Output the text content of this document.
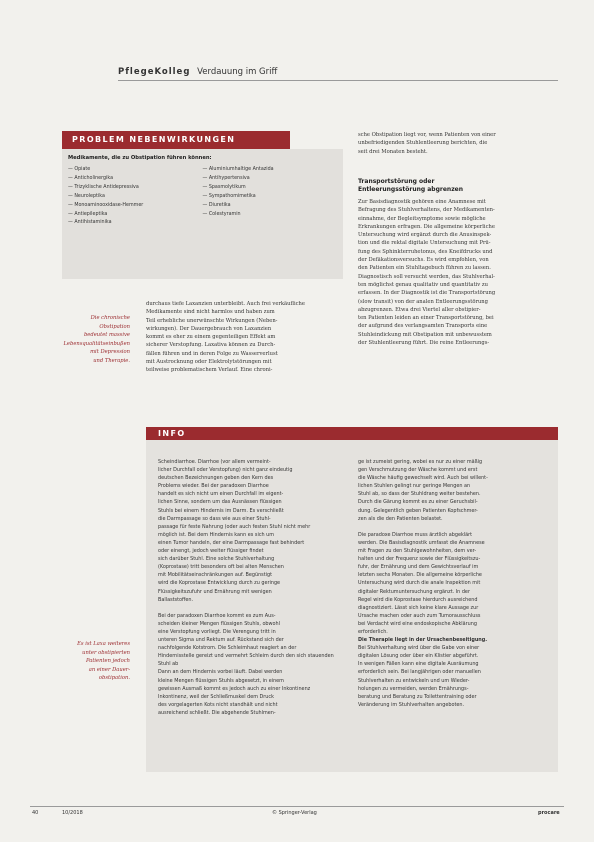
PflegeKolleg Verdauung im Griff
PROBLEM NEBENWIRKUNGEN
Medikamente, die zu Obstipation führen können:
— Opiate
— Anticholinergika
— Trizyklische Antidepressiva
— Neuroleptika
— Monoaminooxidase-Hemmer
— Antiepileptika
— Antihistaminika
— Aluminiumhaltige Antazida
— Antihypertensiva
— Spasmolytikum
— Sympathomimetika
— Diuretika
— Colestyramin
Die chronische
Obstipation
bedeutet massive
Lebensqualitätseinbußen
mit Depression
und Therapie.
durchaus tiefe Laxanzien unterbleibt. Auch frei verkäufliche
Medikamente sind nicht harmlos und haben zum
Teil erhebliche unerwünschte Wirkungen (Neben-
wirkungen). Der Dauergebrauch von Laxanzien
kommt es eher zu einem gegenteiligen Effekt am
sicherer Verstopfung. Laxativa können zu Durch-
fällen führen und in deren Folge zu Wasserverlust
mit Austrocknung oder Elektrolytstörungen mit
teilweise problematischem Verlauf. Eine chroni-
sche Obstipation liegt vor, wenn Patienten von einer
unbefriedigenden Stuhlentleerung berichten, die
seit drei Monaten besteht.
Transportstörung oder
Entleerungsstörung abgrenzen
Zur Basisdiagnostik gehören eine Anamnese mit
Befragung des Stuhlverhaltens, der Medikamenten-
einnahme, der Begleitsymptome sowie mögliche
Erkrankungen erfragen. Die allgemeine körperliche
Untersuchung wird ergänzt durch die Anusinspek-
tion und die rektal digitale Untersuchung mit Prü-
fung des Sphinkterruhetonus, des Kneifdrucks und
der Defäkationsversuchs. Es wird empfohlen, von
den Patienten ein Stuhltagebuch führen zu lassen.
Diagnostisch soll versucht werden, das Stuhlverhal-
ten möglichst genau qualitativ und quantitativ zu
erfassen. In der Diagnostik ist die Transportstörung
(slow transit) von der analen Entleerungsstörung
abzugrenzen. Etwa drei Viertel aller obstipier-
ten Patienten leiden an einer Transportstörung, bei
der aufgrund des verlangsamten Transports eine
Stuhleindickung mit Obstipation mit unbewusstem
der Stuhlentleerung führt. Die reine Entleerungs-
INFO
Scheindiarrhoe. Diarrhoe (vor allem vermeint-
licher Durchfall oder Verstopfung) nicht ganz eindeutig
deutschen Bezeichnungen geben den Kern des
Problems wieder. Bei der paradoxen Diarrhoe
handelt es sich nicht um einen Durchfall im eigent-
lichen Sinne, sondern um das Ausnässen flüssigen
Stuhls bei einem Hindernis im Darm. Es verschließt
die Darmpassage so dass wie aus einer Stuhl-
passage für feste Nahrung (oder auch festen Stuhl nicht mehr
möglich ist. Bei dem Hindernis kann es sich um
einen Tumor handeln, der eine Darmpassage fast behindert
oder einengt, jedoch weiter flüssiger findet
sich darüber Stuhl. Eine solche Stuhlverhaltung
(Koprostase) tritt besonders oft bei alten Menschen
mit Mobilitätseinschränkungen auf. Begünstigt
wird die Koprostase Entwicklung durch zu geringe
Flüssigkeitszufuhr und Ernährung mit wenigen
Ballaststoffen.

Bei der paradoxen Diarrhoe kommt es zum Aus-
scheiden kleiner Mengen flüssigen Stuhls, obwohl
eine Verstopfung vorliegt. Die Verengung tritt in
unteren Sigma und Rektum auf. Rückstand sich der
nachfolgende Kotstrom. Die Schleimhaut reagiert an der
Hindernisstelle gereizt und vermehrt Schleim durch den sich stauenden Stuhl ab
Dann an dem Hindernis vorbei läuft. Dabei werden
kleine Mengen flüssigen Stuhls abgesetzt, in einem
gewissen Ausmaß kommt es jedoch auch zu einer Inkontinenz
Inkontinenz, weil der Schließmuskel dem Druck
des vorgelagerten Kots nicht standhält und nicht
ausreichend schließt. Die abgehende Stuhlmen-
ge ist zumeist gering, wobei es nur zu einer mäßig
gen Verschmutzung der Wäsche kommt und erst
die Wäsche häufig gewechselt wird. Auch bei willent-
lichen Stuhlen gelingt nur geringe Mengen an
Stuhl ab, so dass der Stuhldrang weiter bestehen.
Durch die Gärung kommt es zu einer Geruchsbil-
dung. Gelegentlich geben Patienten Kopfschmer-
zen als die den Patienten belastet.

Die paradoxe Diarrhoe muss ärztlich abgeklärt
werden. Die Basisdiagnostik umfasst die Anamnese
mit Fragen zu den Stuhlgewohnheiten, dem ver-
halten und der Frequenz sowie der Flüssigkeitszu-
fuhr, der Ernährung und dem Gewichtsverlauf im
letzten sechs Monaten. Die allgemeine körperliche
Untersuchung wird durch die anale Inspektion mit
digitaler Rektumuntersuchung ergänzt. In der
Regel wird die Koprostase hierdurch ausreichend
diagnostiziert. Lässt sich keine klare Aussage zur
Ursache machen oder auch zum Tumorausschluss
bei Verdacht wird eine endoskopische Abklärung
erforderlich.
Die Therapie liegt in der Ursachenbeseitigung.
Bei Stuhlverhaltung wird über die Gabe von einer
digitalen Lösung oder über ein Klistier abgeführt.
In wenigen Fällen kann eine digitale Ausräumung
erforderlich sein. Bei langjährigen oder manuellen
Stuhlverhalten zu entwickeln und um Wieder-
holungen zu vermeiden, werden Ernährungs-
beratung und Beratung zu Toilettentraining oder
Veränderung im Stuhlverhalten angeboten.
Es ist Laxa weiteres
unter obstipierten
Patienten jedoch
an einer Dauer-
obstipation.
40	10/2018	© Springer-Verlag	procare
